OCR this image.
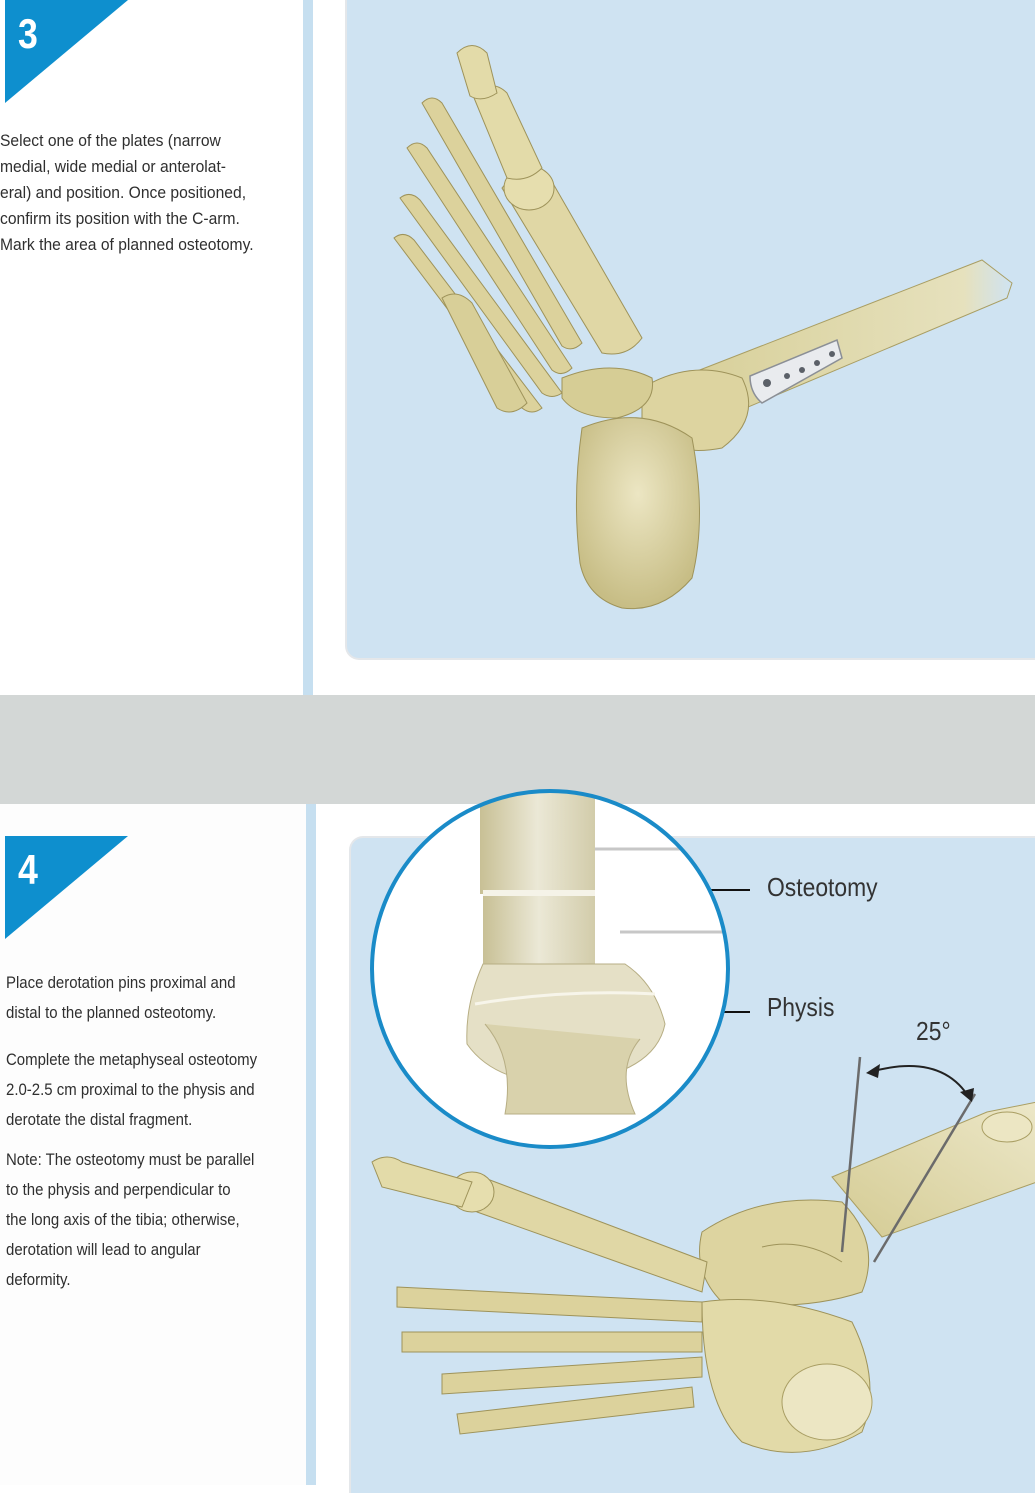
3
Select one of the plates (narrow
medial, wide medial or anterolat-
eral) and position. Once positioned,
confirm its position with the C-arm.
Mark the area of planned osteotomy.
4	Osteotomy
Physis
25°
Place derotation pins proximal and
distal to the planned osteotomy.
Complete the metaphyseal osteotomy
2.0-2.5 cm proximal to the physis and
derotate the distal fragment.
Note: The osteotomy must be parallel
to the physis and perpendicular to
the long axis of the tibia; otherwise,
derotation will lead to angular
deformity.
